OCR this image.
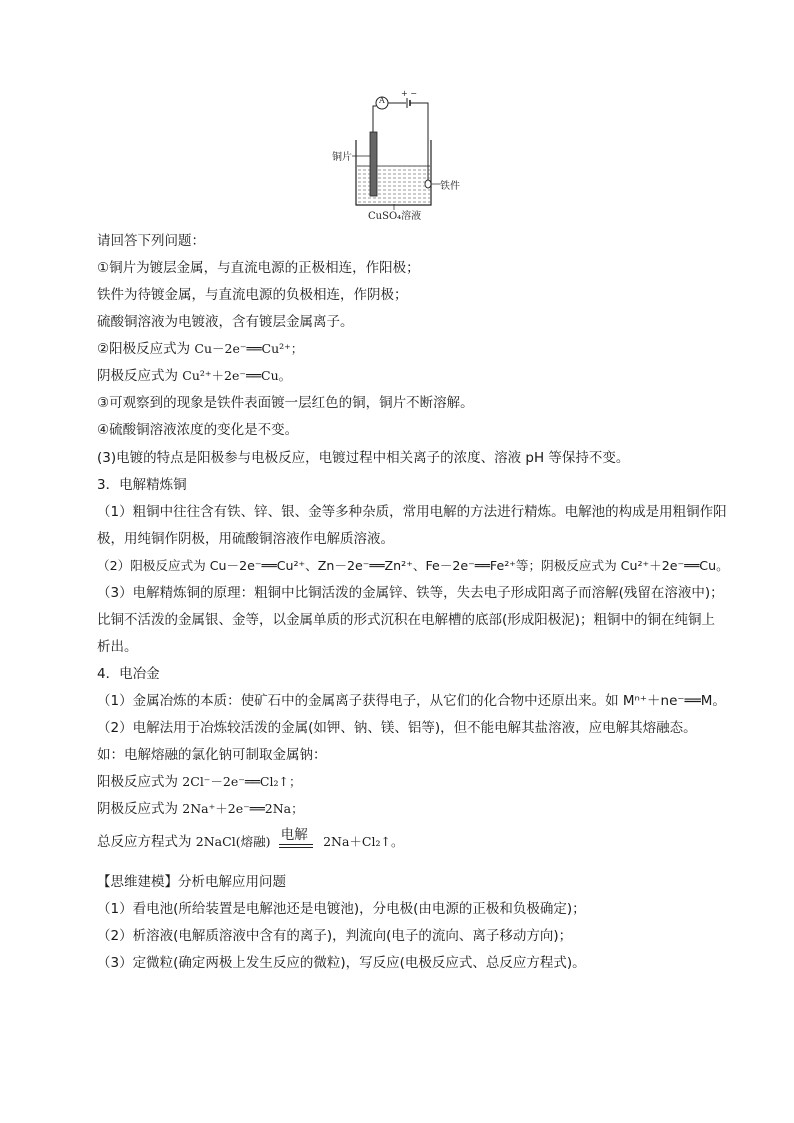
A
+ −
铜片
铁件
CuSO₄溶液
请回答下列问题：
①铜片为镀层金属，与直流电源的正极相连，作阳极；
铁件为待镀金属，与直流电源的负极相连，作阴极；
硫酸铜溶液为电镀液，含有镀层金属离子。
②阳极反应式为 Cu－2e⁻══Cu²⁺；
阴极反应式为 Cu²⁺＋2e⁻══Cu。
③可观察到的现象是铁件表面镀一层红色的铜，铜片不断溶解。
④硫酸铜溶液浓度的变化是不变。
(3)电镀的特点是阳极参与电极反应，电镀过程中相关离子的浓度、溶液 pH 等保持不变。
3．电解精炼铜
（1）粗铜中往往含有铁、锌、银、金等多种杂质，常用电解的方法进行精炼。电解池的构成是用粗铜作阳
极，用纯铜作阴极，用硫酸铜溶液作电解质溶液。
（2）阳极反应式为 Cu－2e⁻══Cu²⁺、Zn－2e⁻══Zn²⁺、Fe－2e⁻══Fe²⁺等；阴极反应式为 Cu²⁺＋2e⁻══Cu。
（3）电解精炼铜的原理：粗铜中比铜活泼的金属锌、铁等，失去电子形成阳离子而溶解(残留在溶液中)；
比铜不活泼的金属银、金等，以金属单质的形式沉积在电解槽的底部(形成阳极泥)；粗铜中的铜在纯铜上
析出。
4．电冶金
（1）金属冶炼的本质：使矿石中的金属离子获得电子，从它们的化合物中还原出来。如 Mⁿ⁺＋ne⁻══M。
（2）电解法用于冶炼较活泼的金属(如钾、钠、镁、铝等)，但不能电解其盐溶液，应电解其熔融态。
如：电解熔融的氯化钠可制取金属钠：
阳极反应式为 2Cl⁻－2e⁻══Cl₂↑；
阴极反应式为 2Na⁺＋2e⁻══2Na；
总反应方程式为 2NaCl(熔融) 电解 2Na＋Cl₂↑。
【思维建模】分析电解应用问题
（1）看电池(所给装置是电解池还是电镀池)，分电极(由电源的正极和负极确定)；
（2）析溶液(电解质溶液中含有的离子)，判流向(电子的流向、离子移动方向)；
（3）定微粒(确定两极上发生反应的微粒)，写反应(电极反应式、总反应方程式)。
